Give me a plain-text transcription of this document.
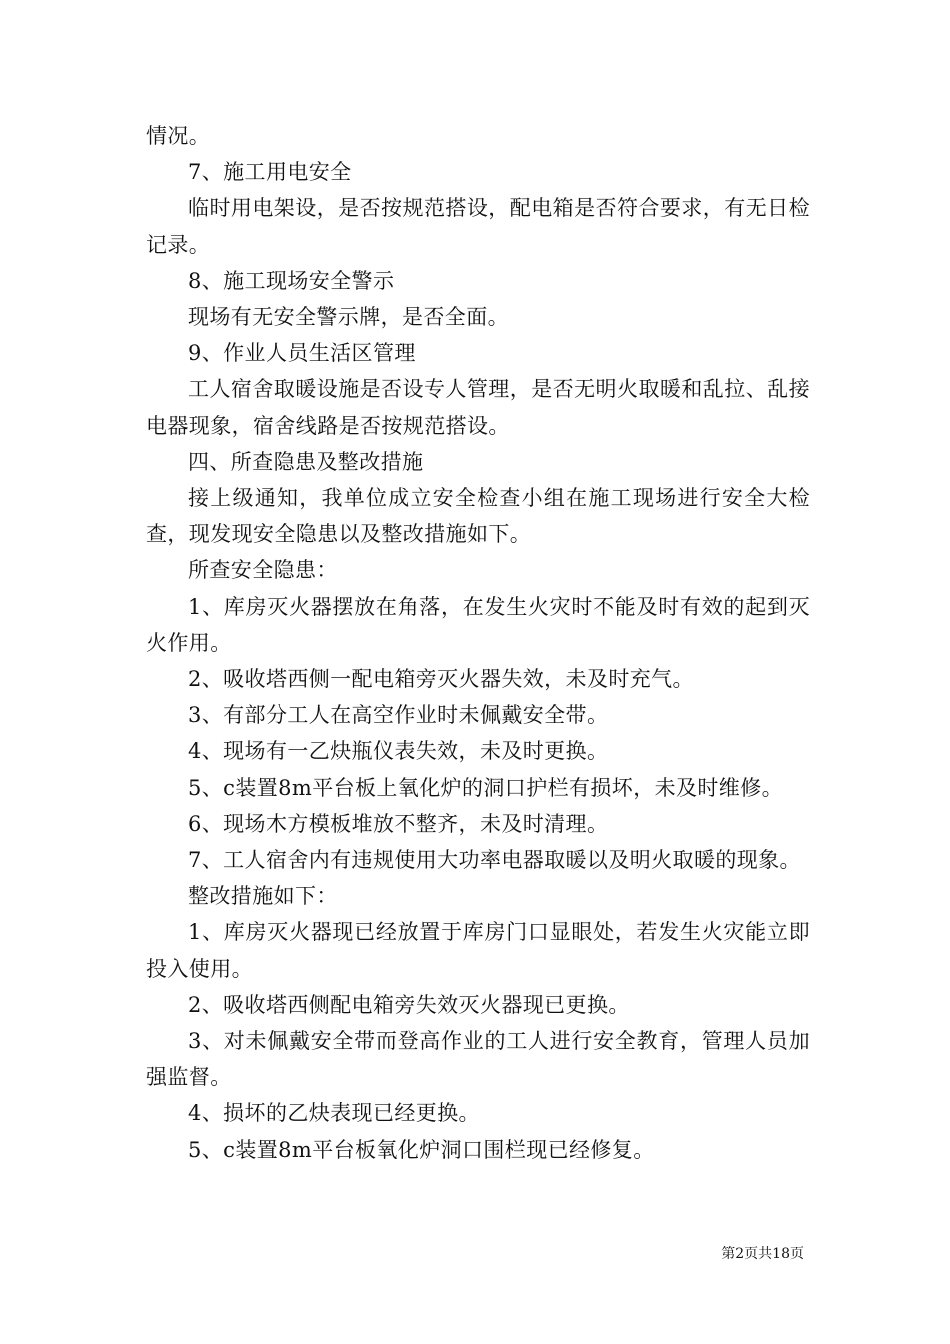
情况。

7、施工用电安全

临时用电架设，是否按规范搭设，配电箱是否符合要求，有无日检记录。

8、施工现场安全警示

现场有无安全警示牌，是否全面。

9、作业人员生活区管理

工人宿舍取暖设施是否设专人管理，是否无明火取暖和乱拉、乱接电器现象，宿舍线路是否按规范搭设。

四、所查隐患及整改措施

接上级通知，我单位成立安全检查小组在施工现场进行安全大检查，现发现安全隐患以及整改措施如下。

所查安全隐患：

1、库房灭火器摆放在角落，在发生火灾时不能及时有效的起到灭火作用。

2、吸收塔西侧一配电箱旁灭火器失效，未及时充气。

3、有部分工人在高空作业时未佩戴安全带。

4、现场有一乙炔瓶仪表失效，未及时更换。

5、c装置8m平台板上氧化炉的洞口护栏有损坏，未及时维修。

6、现场木方模板堆放不整齐，未及时清理。

7、工人宿舍内有违规使用大功率电器取暖以及明火取暖的现象。

整改措施如下：

1、库房灭火器现已经放置于库房门口显眼处，若发生火灾能立即投入使用。

2、吸收塔西侧配电箱旁失效灭火器现已更换。

3、对未佩戴安全带而登高作业的工人进行安全教育，管理人员加强监督。

4、损坏的乙炔表现已经更换。

5、c装置8m平台板氧化炉洞口围栏现已经修复。

第2页共18页
